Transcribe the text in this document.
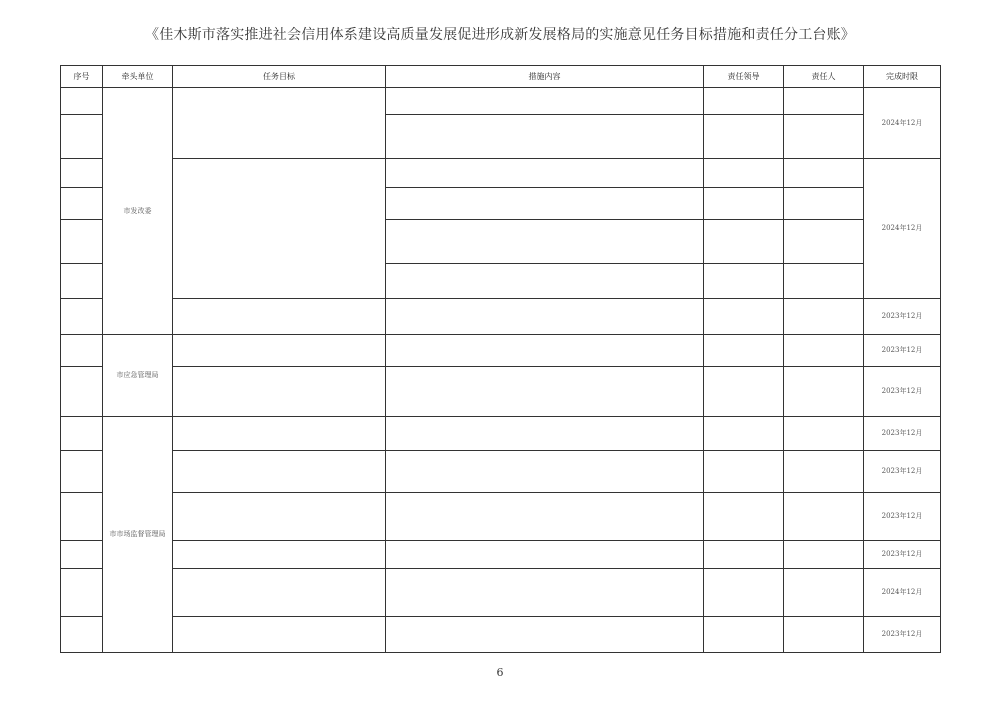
《佳木斯市落实推进社会信用体系建设高质量发展促进形成新发展格局的实施意见任务目标措施和责任分工台账》
序号	牵头单位	任务目标	措施内容	责任领导	责任人	完成时限
	市发改委					2024年12月

						2024年12月

						2023年12月
	市应急管理局					2023年12月
						2023年12月
	市市场监督管理局					2023年12月
						2023年12月
						2023年12月
						2023年12月
						2024年12月
						2023年12月
6
